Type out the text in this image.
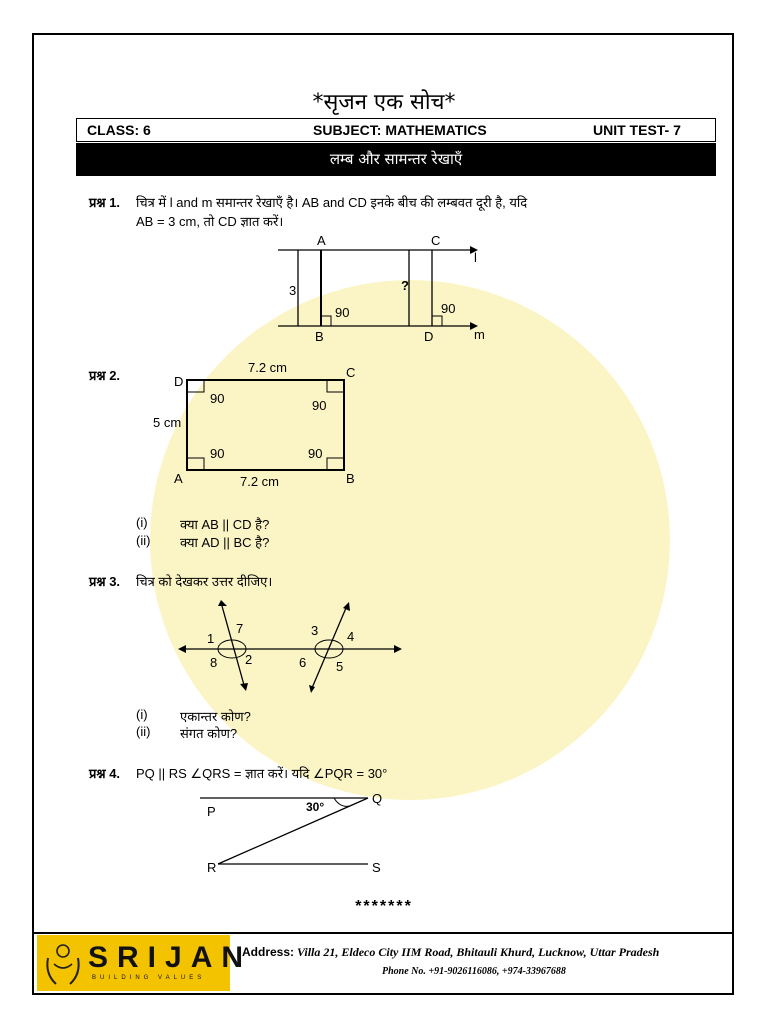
*सृजन एक सोच*
CLASS: 6	SUBJECT: MATHEMATICS	UNIT TEST- 7
लम्ब और सामन्तर रेखाएँ
प्रश्न 1. चित्र में l and m समान्तर रेखाएँ है। AB and CD इनके बीच की लम्बवत दूरी है, यदि
AB = 3 cm, तो CD ज्ञात करें।
A	C
l
m
B	D
3	?
90	90
7.2 cm
7.2 cm
5 cm
D
C
A	B
90	90
90	90
1
7
8 2
3 4
6 5
P
Q
R	S
30°
प्रश्न 2.
(i) क्या AB || CD है?
(ii) क्या AD || BC है?
प्रश्न 3. चित्र को देखकर उत्तर दीजिए।
(i) एकान्तर कोण?
(ii) संगत कोण?
प्रश्न 4. PQ || RS ∠QRS = ज्ञात करें। यदि ∠PQR = 30°
*******
SRIJAN
BUILDING VALUES
Address: Villa 21, Eldeco City IIM Road, Bhitauli Khurd, Lucknow, Uttar Pradesh
Phone No. +91-9026116086, +974-33967688
